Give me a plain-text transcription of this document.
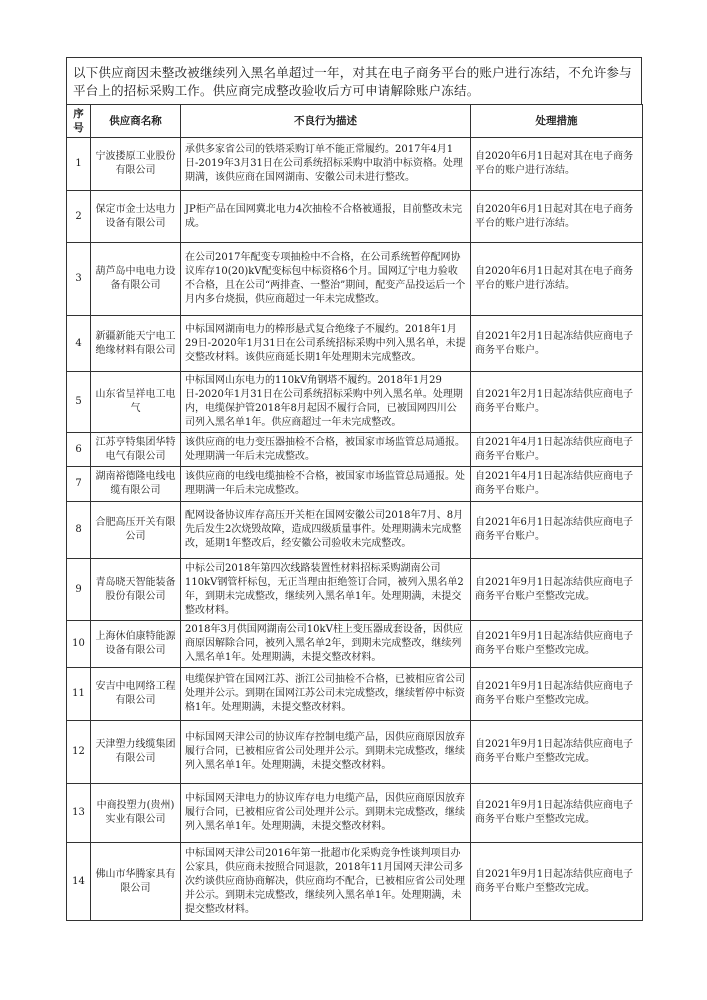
以下供应商因未整改被继续列入黑名单超过一年，对其在电子商务平台的账户进行冻结，不允许参与平台上的招标采购工作。供应商完成整改验收后方可申请解除账户冻结。
序号	供应商名称	不良行为描述	处理措施
1	宁波搂原工业股份有限公司	承供多家省公司的铁塔采购订单不能正常履约。2017年4月1日-2019年3月31日在公司系统招标采购中取消中标资格。处理期满，该供应商在国网湖南、安徽公司未进行整改。	自2020年6月1日起对其在电子商务平台的账户进行冻结。
2	保定市金士达电力设备有限公司	JP柜产品在国网冀北电力4次抽检不合格被通报，目前整改未完成。	自2020年6月1日起对其在电子商务平台的账户进行冻结。
3	葫芦岛中电电力设备有限公司	在公司2017年配变专项抽检中不合格，在公司系统暂停配网协议库存10(20)kV配变标包中标资格6个月。国网辽宁电力验收不合格，且在公司“两排查、一整治”期间，配变产品投运后一个月内多台烧损，供应商超过一年未完成整改。	自2020年6月1日起对其在电子商务平台的账户进行冻结。
4	新疆新能天宁电工绝缘材料有限公司	中标国网湖南电力的棒形悬式复合绝缘子不履约。2018年1月29日-2020年1月31日在公司系统招标采购中列入黑名单，未提交整改材料。该供应商延长期1年处理期未完成整改。	自2021年2月1日起冻结供应商电子商务平台账户。
5	山东省呈祥电工电气	中标国网山东电力的110kV角钢塔不履约。2018年1月29日-2020年1月31日在公司系统招标采购中列入黑名单。处理期内，电缆保护管2018年8月起因不履行合同，已被国网四川公司列入黑名单1年。供应商超过一年未完成整改。	自2021年2月1日起冻结供应商电子商务平台账户。
6	江苏亨特集团华特电气有限公司	该供应商的电力变压器抽检不合格，被国家市场监管总局通报。处理期满一年后未完成整改。	自2021年4月1日起冻结供应商电子商务平台账户。
7	湖南裕德隆电线电缆有限公司	该供应商的电线电缆抽检不合格，被国家市场监管总局通报。处理期满一年后未完成整改。	自2021年4月1日起冻结供应商电子商务平台账户。
8	合肥高压开关有限公司	配网设备协议库存高压开关柜在国网安徽公司2018年7月、8月先后发生2次烧毁故障，造成四级质量事件。处理期满未完成整改，延期1年整改后，经安徽公司验收未完成整改。	自2021年6月1日起冻结供应商电子商务平台账户。
9	青岛晓天智能装备股份有限公司	中标公司2018年第四次线路装置性材料招标采购湖南公司110kV钢管杆标包，无正当理由拒绝签订合同，被列入黑名单2年，到期未完成整改，继续列入黑名单1年。处理期满，未提交整改材料。	自2021年9月1日起冻结供应商电子商务平台账户至整改完成。
10	上海休伯康特能源设备有限公司	2018年3月供国网湖南公司10kV柱上变压器成套设备，因供应商原因解除合同，被列入黑名单2年，到期未完成整改，继续列入黑名单1年。处理期满，未提交整改材料。	自2021年9月1日起冻结供应商电子商务平台账户至整改完成。
11	安吉中电网络工程有限公司	电缆保护管在国网江苏、浙江公司抽检不合格，已被相应省公司处理并公示。到期在国网江苏公司未完成整改，继续暂停中标资格1年。处理期满，未提交整改材料。	自2021年9月1日起冻结供应商电子商务平台账户至整改完成。
12	天津塑力线缆集团有限公司	中标国网天津公司的协议库存控制电缆产品，因供应商原因放弃履行合同，已被相应省公司处理并公示。到期未完成整改，继续列入黑名单1年。处理期满，未提交整改材料。	自2021年9月1日起冻结供应商电子商务平台账户至整改完成。
13	中商投塑力(贵州)实业有限公司	中标国网天津电力的协议库存电力电缆产品，因供应商原因放弃履行合同，已被相应省公司处理并公示。到期未完成整改，继续列入黑名单1年。处理期满，未提交整改材料。	自2021年9月1日起冻结供应商电子商务平台账户至整改完成。
14	佛山市华腾家具有限公司	中标国网天津公司2016年第一批超市化采购竞争性谈判项目办公家具，供应商未按照合同退款，2018年11月国网天津公司多次约谈供应商协商解决，供应商均不配合，已被相应省公司处理并公示。到期未完成整改，继续列入黑名单1年。处理期满，未提交整改材料。	自2021年9月1日起冻结供应商电子商务平台账户至整改完成。
